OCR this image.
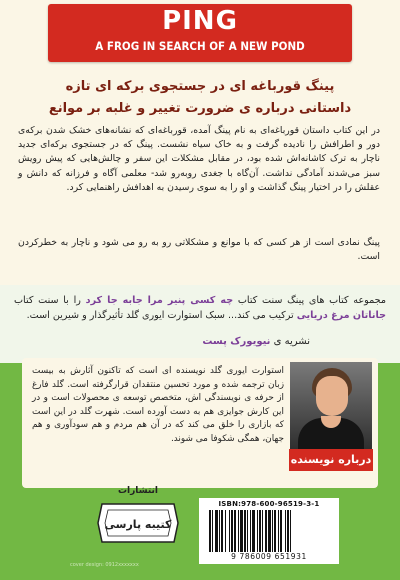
PING
A FROG IN SEARCH OF A NEW POND
پینگ قورباغه ای در جستجوی برکه ای تازه
داستانی درباره ی ضرورت تغییر و غلبه بر موانع
در این کتاب داستان قورباغه‌ای به نام پینگ آمده، قورباغه‌ای که نشانه‌های خشک شدن برکه‌ی دور و اطرافش را نادیده گرفت و به خاک سیاه نشست. پینگ که در جستجوی برکه‌ای جدید ناچار به ترک کاشانه‌اش شده بود، در مقابل مشکلات این سفر و چالش‌هایی که پیش رویش سبز می‌شدند آمادگی نداشت. آن‌گاه با جغدی روبه‌رو شد- معلمی آگاه و فرزانه که دانش و عقلش را در اختیار پینگ گذاشت و او را به سوی رسیدن به اهدافش راهنمایی کرد.
پینگ نمادی است از هر کسی که با موانع و مشکلاتی رو به رو می شود و ناچار به خطرکردن است.
مجموعه کتاب های پینگ سنت کتاب چه کسی پنیر مرا جابه جا کرد را با سنت کتاب جاناتان مرغ دریایی ترکیب می کند... سبک استوارت ایوری گلد تأثیرگذار و شیرین است.
نشریه ی نیویورک پست
درباره نویسنده
استوارت ایوری گلد نویسنده ای است که تاکنون آثارش به بیست زبان ترجمه شده و مورد تحسین منتقدان قرارگرفته است. گلد فارغ از حرفه ی نویسندگی اش، متخصص توسعه ی محصولات است و در این کارش جوایزی هم به دست آورده است. شهرت گلد در این است که بازاری را خلق می کند که در آن هم مردم و هم سودآوری و هم جهان، همگی شکوفا می شوند.
انتشارات
کتیبه پارسی
ISBN:978-600-96519-3-1
9 786009 651931
cover design: 0912xxxxxxx
